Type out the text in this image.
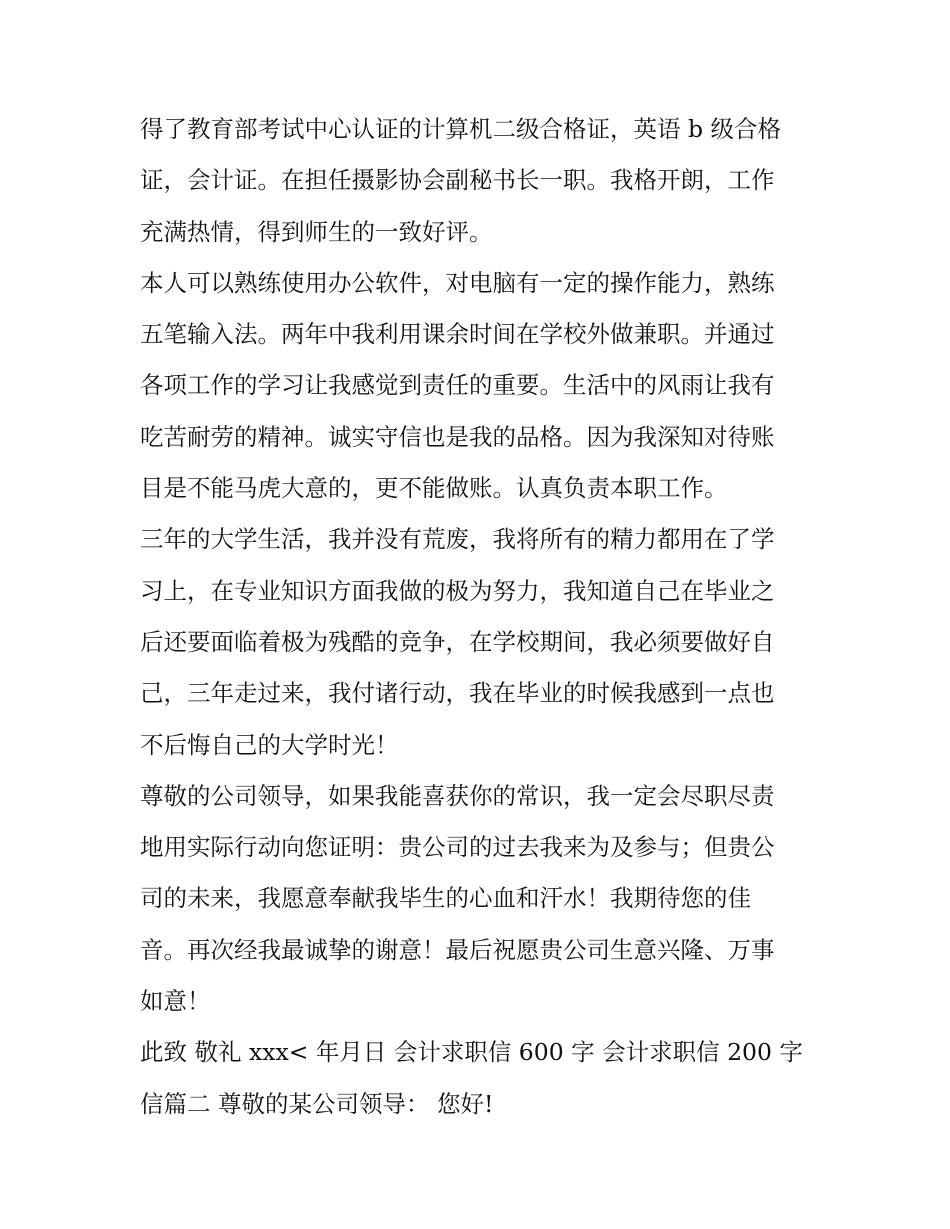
得了教育部考试中心认证的计算机二级合格证，英语 b 级合格
证，会计证。在担任摄影协会副秘书长一职。我格开朗，工作
充满热情，得到师生的一致好评。

本人可以熟练使用办公软件，对电脑有一定的操作能力，熟练
五笔输入法。两年中我利用课余时间在学校外做兼职。并通过
各项工作的学习让我感觉到责任的重要。生活中的风雨让我有
吃苦耐劳的精神。诚实守信也是我的品格。因为我深知对待账
目是不能马虎大意的，更不能做账。认真负责本职工作。

三年的大学生活，我并没有荒废，我将所有的精力都用在了学
习上，在专业知识方面我做的极为努力，我知道自己在毕业之
后还要面临着极为残酷的竞争，在学校期间，我必须要做好自
己，三年走过来，我付诸行动，我在毕业的时候我感到一点也
不后悔自己的大学时光！

尊敬的公司领导，如果我能喜获你的常识，我一定会尽职尽责
地用实际行动向您证明：贵公司的过去我来为及参与；但贵公
司的未来，我愿意奉献我毕生的心血和汗水！我期待您的佳
音。再次经我最诚挚的谢意！最后祝愿贵公司生意兴隆、万事
如意！

此致 敬礼 xxx< 年月日 会计求职信 600 字 会计求职信 200 字
信篇二 尊敬的某公司领导： 您好!
